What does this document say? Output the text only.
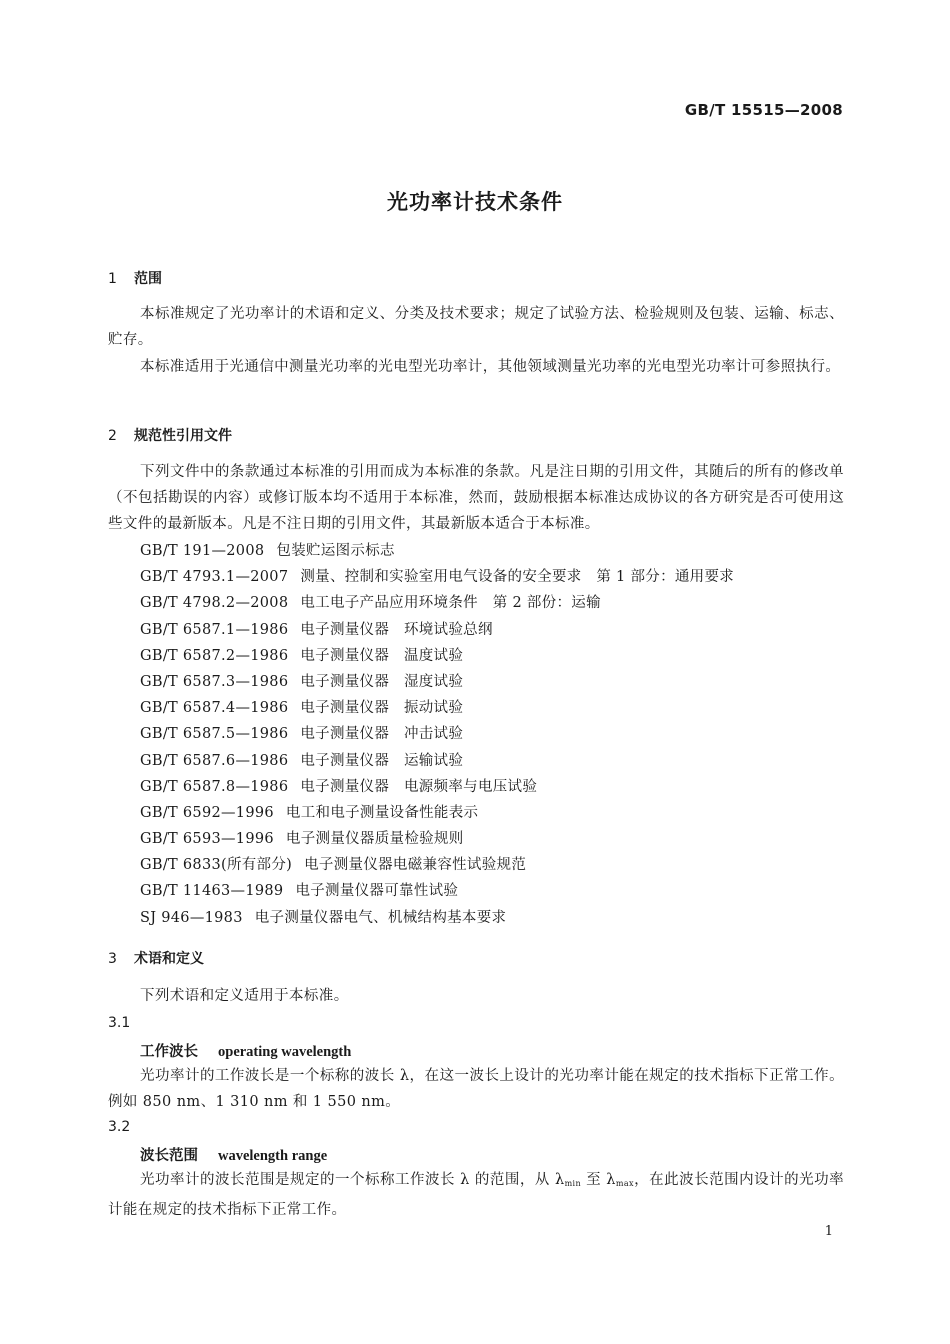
GB/T 15515—2008
光功率计技术条件
1 范围

本标准规定了光功率计的术语和定义、分类及技术要求；规定了试验方法、检验规则及包装、运输、标志、贮存。

本标准适用于光通信中测量光功率的光电型光功率计，其他领域测量光功率的光电型光功率计可参照执行。

2 规范性引用文件

下列文件中的条款通过本标准的引用而成为本标准的条款。凡是注日期的引用文件，其随后的所有的修改单（不包括勘误的内容）或修订版本均不适用于本标准，然而，鼓励根据本标准达成协议的各方研究是否可使用这些文件的最新版本。凡是不注日期的引用文件，其最新版本适合于本标准。

GB/T 191—2008 包装贮运图示标志
GB/T 4793.1—2007 测量、控制和实验室用电气设备的安全要求　第 1 部分：通用要求
GB/T 4798.2—2008 电工电子产品应用环境条件　第 2 部份：运输
GB/T 6587.1—1986 电子测量仪器　环境试验总纲
GB/T 6587.2—1986 电子测量仪器　温度试验
GB/T 6587.3—1986 电子测量仪器　湿度试验
GB/T 6587.4—1986 电子测量仪器　振动试验
GB/T 6587.5—1986 电子测量仪器　冲击试验
GB/T 6587.6—1986 电子测量仪器　运输试验
GB/T 6587.8—1986 电子测量仪器　电源频率与电压试验
GB/T 6592—1996 电工和电子测量设备性能表示
GB/T 6593—1996 电子测量仪器质量检验规则
GB/T 6833(所有部分) 电子测量仪器电磁兼容性试验规范
GB/T 11463—1989 电子测量仪器可靠性试验
SJ 946—1983 电子测量仪器电气、机械结构基本要求
3 术语和定义

下列术语和定义适用于本标准。

3.1
工作波长 operating wavelength

光功率计的工作波长是一个标称的波长 λ，在这一波长上设计的光功率计能在规定的技术指标下正常工作。例如 850 nm、1 310 nm 和 1 550 nm。

3.2
波长范围 wavelength range

光功率计的波长范围是规定的一个标称工作波长 λ 的范围，从 $\lambda_{min}$ 至 $\lambda_{max}$，在此波长范围内设计的光功率计能在规定的技术指标下正常工作。

1
